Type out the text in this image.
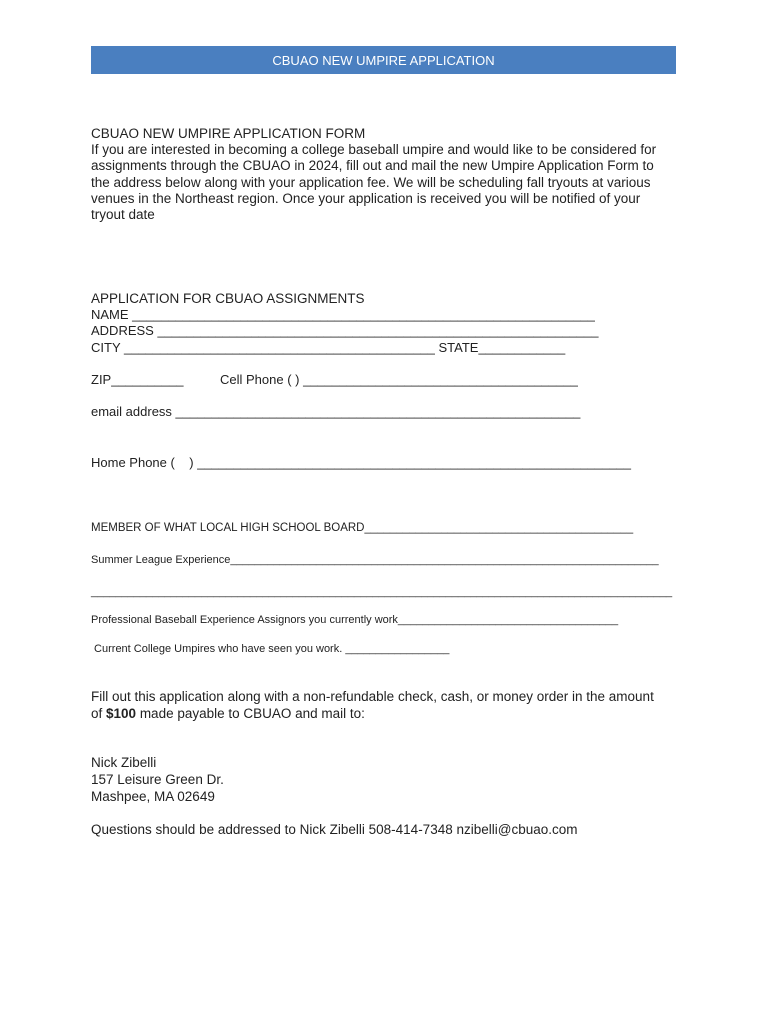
CBUAO NEW UMPIRE APPLICATION
CBUAO NEW UMPIRE APPLICATION FORM
If you are interested in becoming a college baseball umpire and would like to be considered for
assignments through the CBUAO in 2024, fill out and mail the new Umpire Application Form to
the address below along with your application fee. We will be scheduling fall tryouts at various
venues in the Northeast region. Once your application is received you will be notified of your
tryout date
APPLICATION FOR CBUAO ASSIGNMENTS
NAME ________________________________________________________________
ADDRESS _____________________________________________________________
CITY ___________________________________________ STATE____________
ZIP__________	Cell Phone ( ) ______________________________________
email address ________________________________________________________
Home Phone (    ) ____________________________________________________________
MEMBER OF WHAT LOCAL HIGH SCHOOL BOARD__________________________________________
Summer League Experience______________________________________________________________________
_______________________________________________________________________________________________
Professional Baseball Experience Assignors you currently work____________________________________
Current College Umpires who have seen you work. _________________
Fill out this application along with a non-refundable check, cash, or money order in the amount
of $100 made payable to CBUAO and mail to:
Nick Zibelli
157 Leisure Green Dr.
Mashpee, MA 02649
Questions should be addressed to Nick Zibelli 508-414-7348 nzibelli@cbuao.com
